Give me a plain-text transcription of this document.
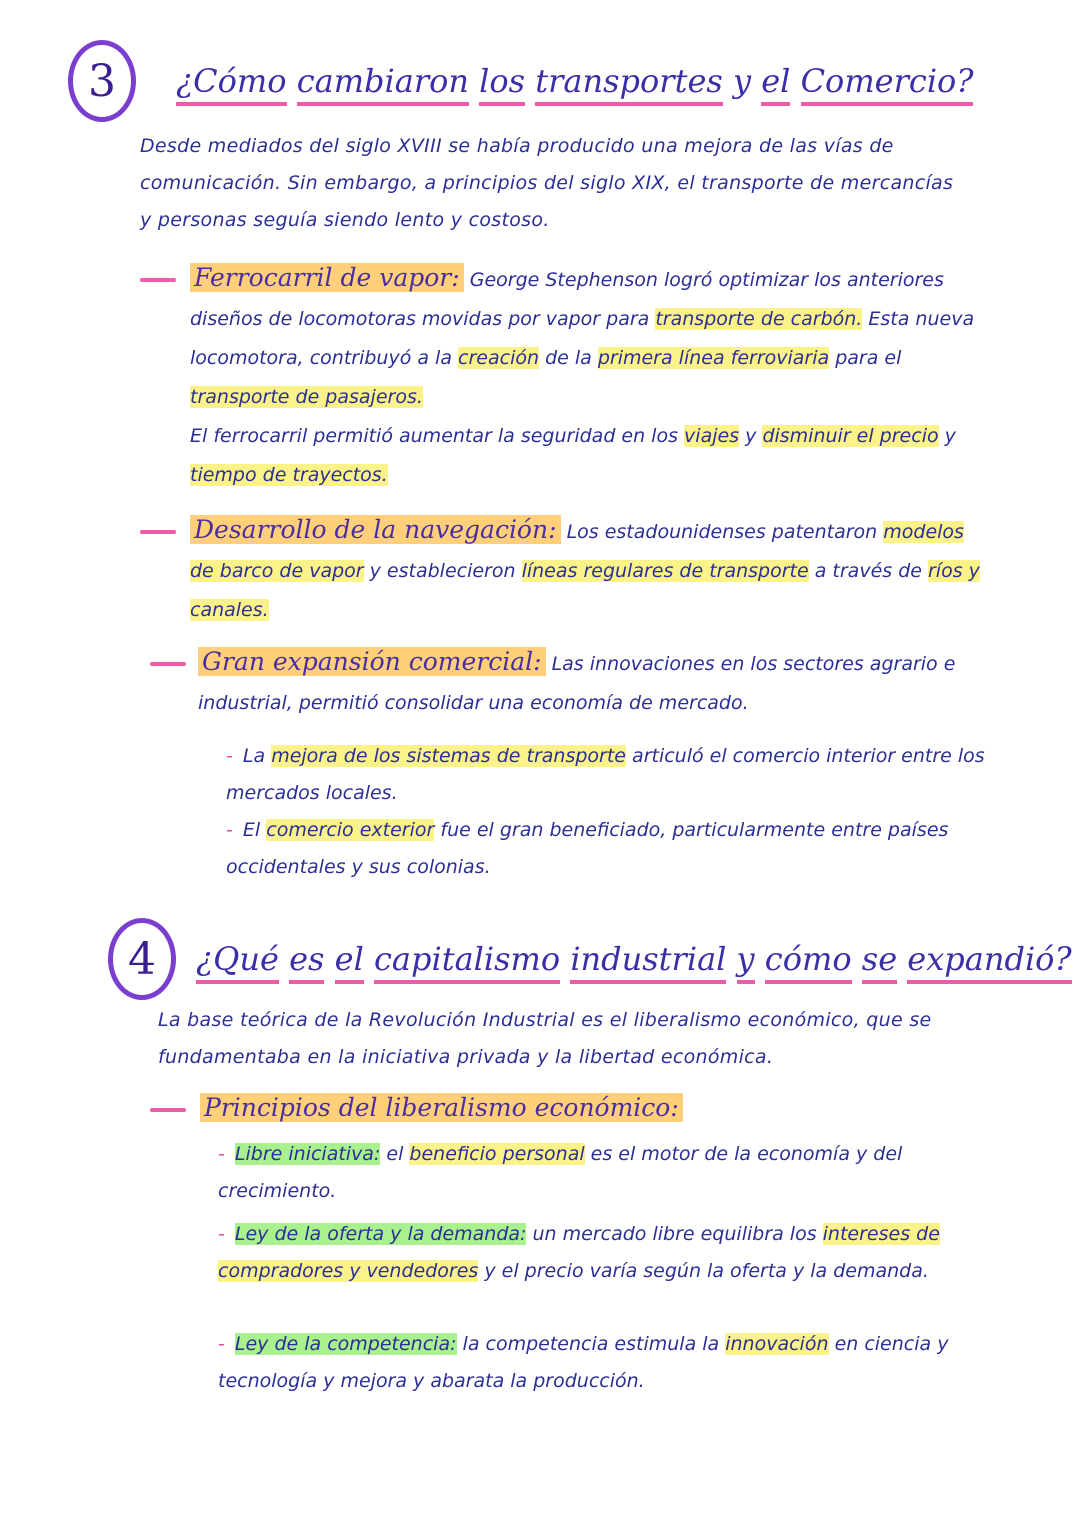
3 ¿Cómo cambiaron los transportes y el Comercio?
Desde mediados del siglo XVIII se había producido una mejora de las vías de comunicación. Sin embargo, a principios del siglo XIX, el transporte de mercancías y personas seguía siendo lento y costoso.
Ferrocarril de vapor: George Stephenson logró optimizar los anteriores diseños de locomotoras movidas por vapor para transporte de carbón. Esta nueva locomotora, contribuyó a la creación de la primera línea ferroviaria para el transporte de pasajeros.
El ferrocarril permitió aumentar la seguridad en los viajes y disminuir el precio y tiempo de trayectos.
Desarrollo de la navegación: Los estadounidenses patentaron modelos de barco de vapor y establecieron líneas regulares de transporte a través de ríos y canales.
Gran expansión comercial: Las innovaciones en los sectores agrario e industrial, permitió consolidar una economía de mercado.
- La mejora de los sistemas de transporte articuló el comercio interior entre los mercados locales.
- El comercio exterior fue el gran beneficiado, particularmente entre países occidentales y sus colonias.
4 ¿Qué es el capitalismo industrial y cómo se expandió?
La base teórica de la Revolución Industrial es el liberalismo económico, que se fundamentaba en la iniciativa privada y la libertad económica.
Principios del liberalismo económico:
- Libre iniciativa: el beneficio personal es el motor de la economía y del crecimiento.
- Ley de la oferta y la demanda: un mercado libre equilibra los intereses de compradores y vendedores y el precio varía según la oferta y la demanda.
- Ley de la competencia: la competencia estimula la innovación en ciencia y tecnología y mejora y abarata la producción.
